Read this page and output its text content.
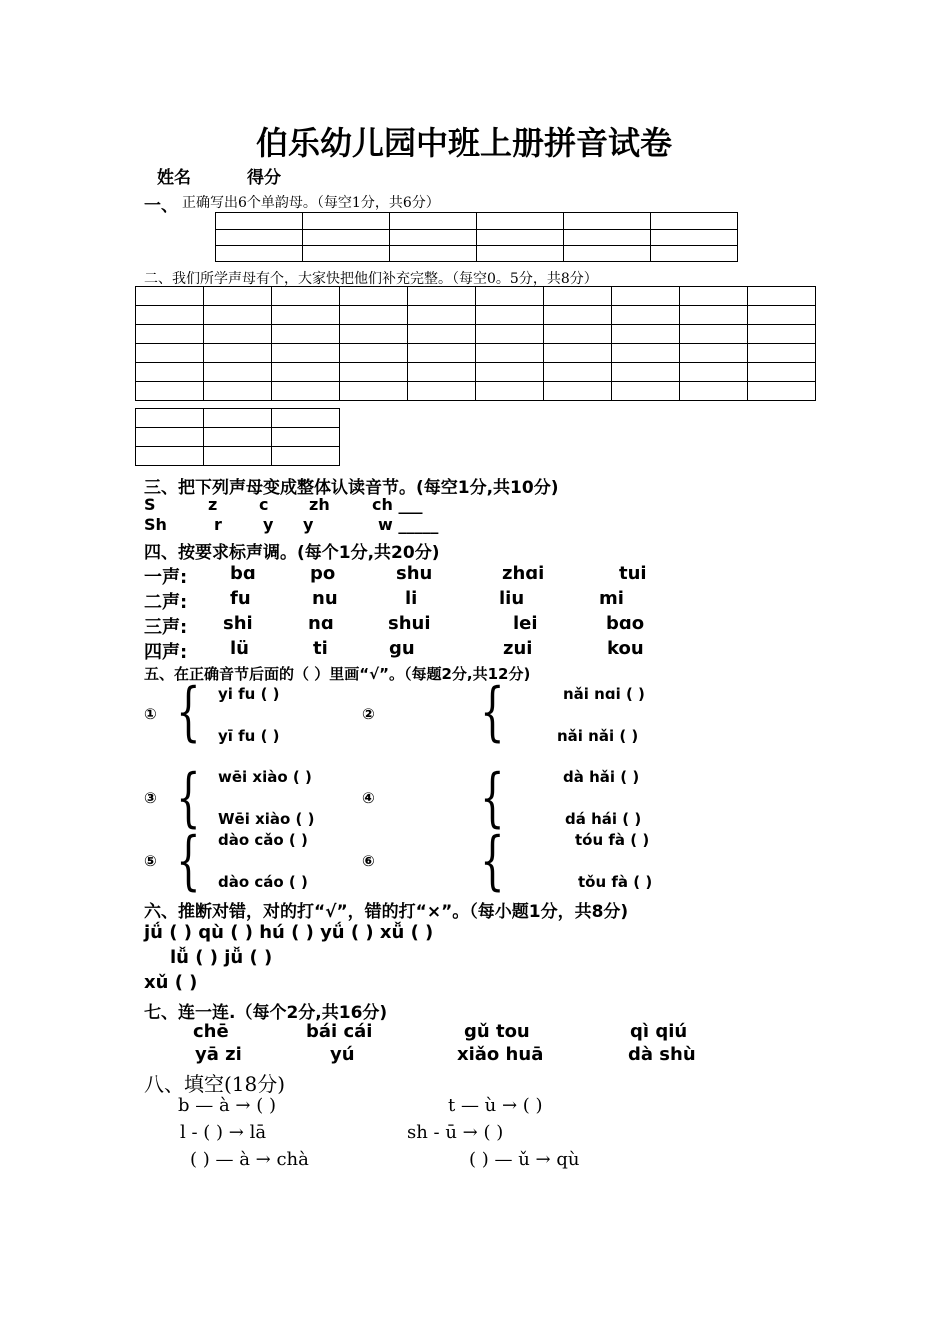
伯乐幼儿园中班上册拼音试卷
姓名	得分
一、 正确写出6个单韵母。（每空1分，共6分）

二、我们所学声母有个，大家快把他们补充完整。（每空0。5分，共8分）

三、把下列声母变成整体认读音节。(每空1分,共10分)
S	z	c	zh	ch ___
Sh	r	y y	w _____
四、按要求标声调。(每个1分,共20分)
一声: bɑ	po	shu	zhɑi	tui
二声: fu	nu	li	liu	mi
三声: shi	nɑ	shui	lei	bɑo
四声: lü	ti	gu	zui	kou
五、在正确音节后面的（ ）里画“√”。（每题2分,共12分)
① { yi fu ( )
yī fu ( )
② {	nǎi nɑi ( )
nǎi nǎi ( )
③ { wēi xiào ( )
Wēi xiào ( )
④ {	dà hǎi ( )
dá hái ( )
⑤ { dào cǎo ( )
dào cáo ( )
⑥ {	tóu fà ( )
tǒu fà ( )
六、推断对错，对的打“√”，错的打“×”。（每小题1分，共8分)
jǘ ( ) qù ( ) hú ( ) yǘ ( ) xǚ ( )
lǚ ( ) jǚ ( )
xǔ ( )
七、连一连.（每个2分,共16分)
chē	bái cái	gǔ tou	qì qiú
yā zi	yú	xiǎo huā	dà shù
八、填空(18分)
b — à → ( )	t — ù → ( )
l - ( ) → lā	sh - ū → ( )
( ) — à → chà	( ) — ǔ → qù
